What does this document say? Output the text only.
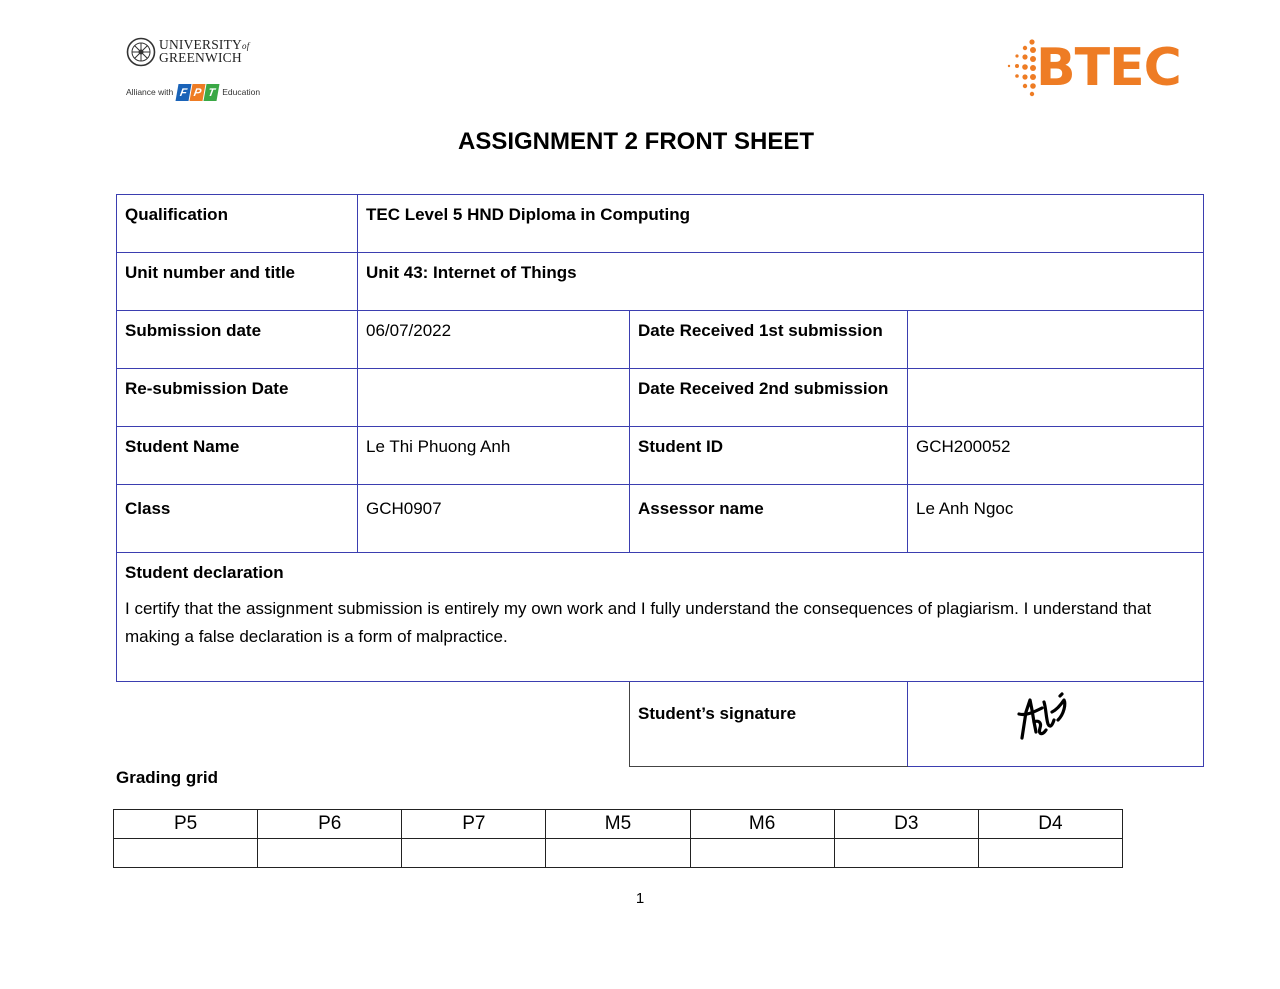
UNIVERSITYof
GREENWICH
Alliance with F P T Education	BTEC
ASSIGNMENT 2 FRONT SHEET
Qualification	TEC Level 5 HND Diploma in Computing		
Unit number and title	Unit 43: Internet of Things		
Submission date	06/07/2022	Date Received 1st submission	
Re-submission Date		Date Received 2nd submission	
Student Name	Le Thi Phuong Anh	Student ID	GCH200052
Class	GCH0907	Assessor name	Le Anh Ngoc

Student declaration
I certify that the assignment submission is entirely my own work and I fully understand the consequences of plagiarism. I understand that making a false declaration is a form of malpractice.			

		Student’s signature	
Grading grid
P5	P6	P7	M5	M6	D3	D4

1
